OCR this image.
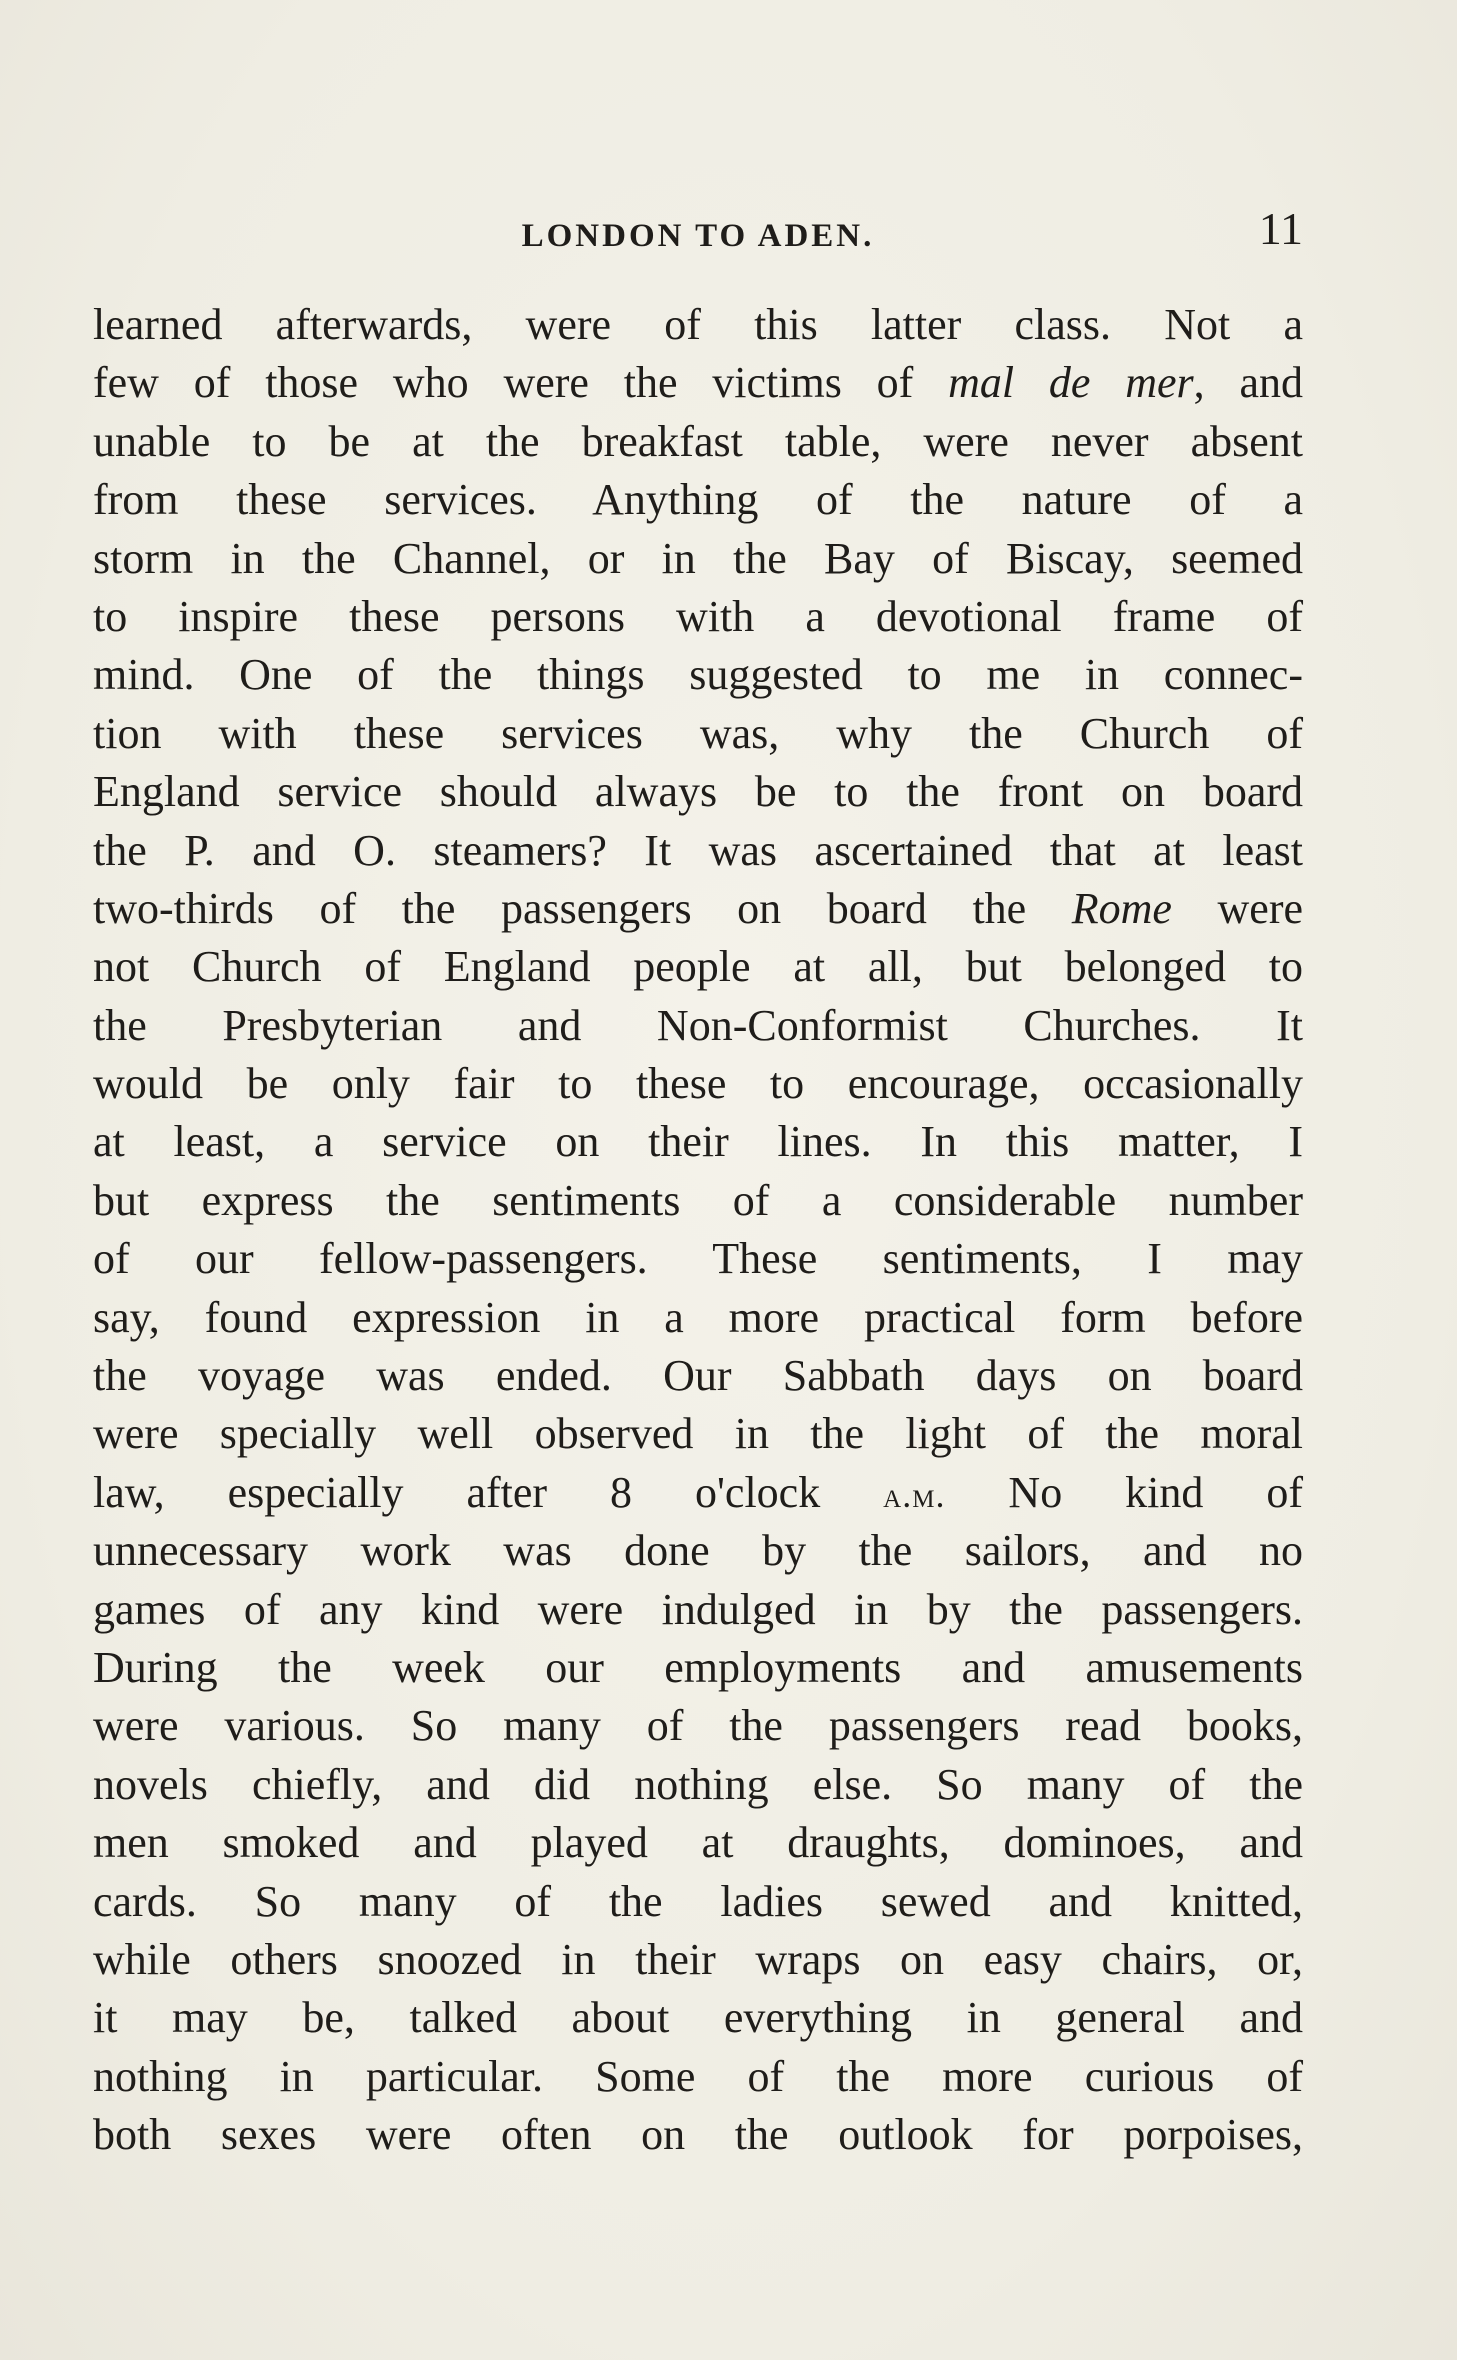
LONDON TO ADEN.	11
learned afterwards, were of this latter class. Not a
few of those who were the victims of mal de mer, and
unable to be at the breakfast table, were never absent
from these services. Anything of the nature of a
storm in the Channel, or in the Bay of Biscay, seemed
to inspire these persons with a devotional frame of
mind. One of the things suggested to me in connec-
tion with these services was, why the Church of
England service should always be to the front on board
the P. and O. steamers? It was ascertained that at least
two-thirds of the passengers on board the Rome were
not Church of England people at all, but belonged to
the Presbyterian and Non-Conformist Churches. It
would be only fair to these to encourage, occasionally
at least, a service on their lines. In this matter, I
but express the sentiments of a considerable number
of our fellow-passengers. These sentiments, I may
say, found expression in a more practical form before
the voyage was ended. Our Sabbath days on board
were specially well observed in the light of the moral
law, especially after 8 o'clock a.m. No kind of
unnecessary work was done by the sailors, and no
games of any kind were indulged in by the passengers.
During the week our employments and amusements
were various. So many of the passengers read books,
novels chiefly, and did nothing else. So many of the
men smoked and played at draughts, dominoes, and
cards. So many of the ladies sewed and knitted,
while others snoozed in their wraps on easy chairs, or,
it may be, talked about everything in general and
nothing in particular. Some of the more curious of
both sexes were often on the outlook for porpoises,
